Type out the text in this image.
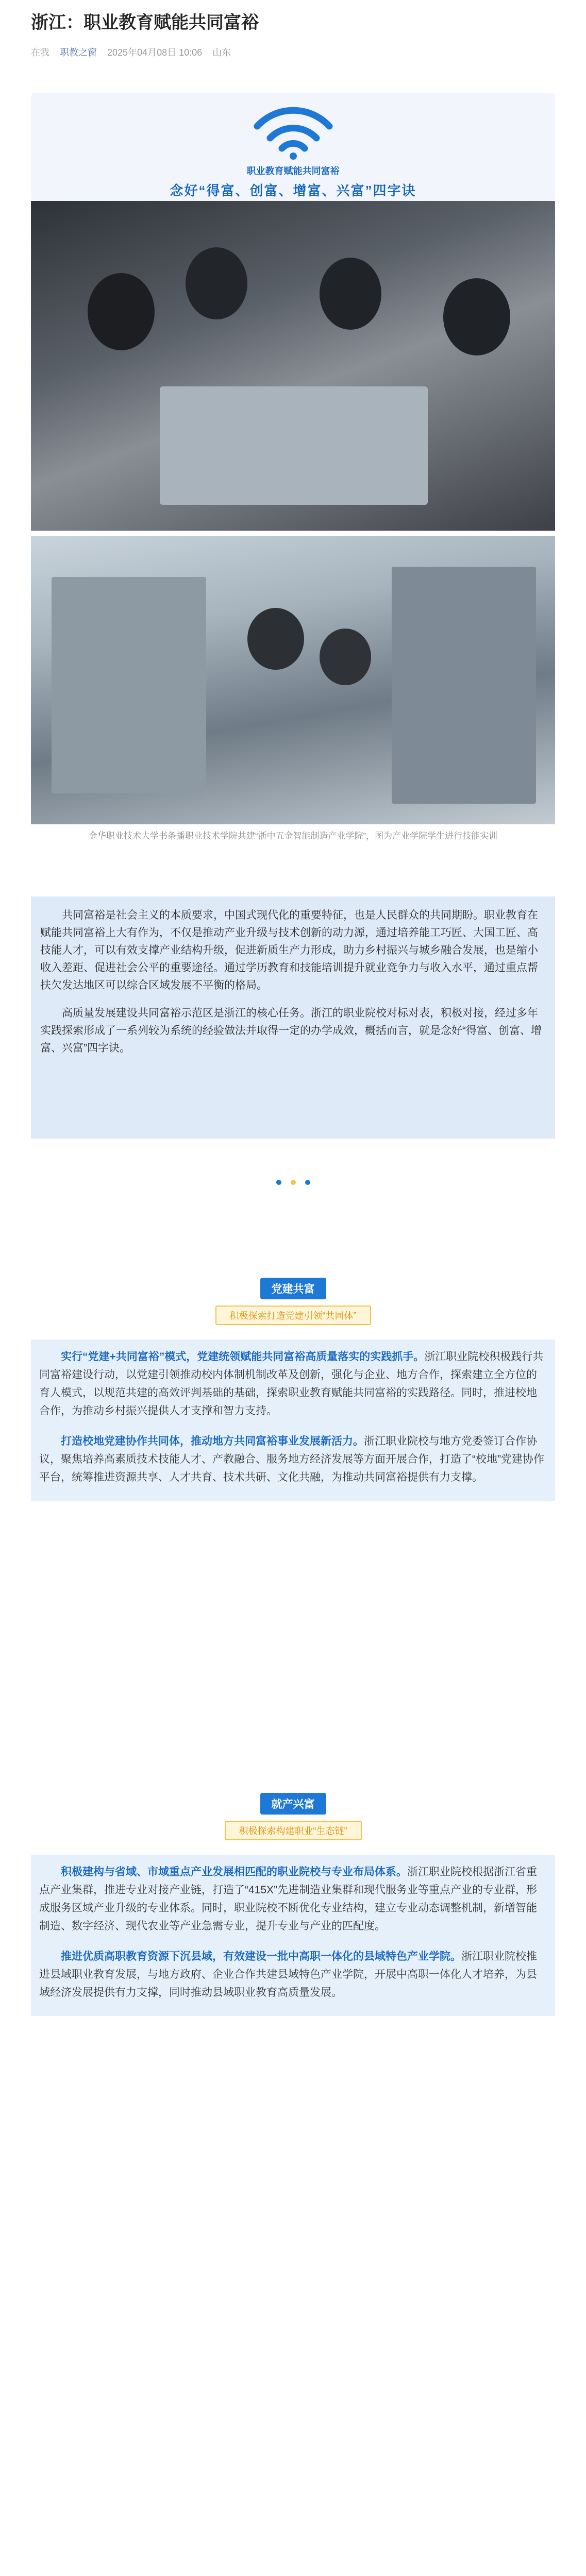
浙江：职业教育赋能共同富裕
在我 职教之窗 2025年04月08日 10:06 山东
职业教育赋能共同富裕
念好“得富、创富、增富、兴富”四字诀
金华职业技术大学书条播职业技术学院共建“浙中五金智能制造产业学院”，图为产业学院学生进行技能实训

共同富裕是社会主义的本质要求，中国式现代化的重要特征，也是人民群众的共同期盼。职业教育在赋能共同富裕上大有作为，不仅是推动产业升级与技术创新的动力源，通过培养能工巧匠、大国工匠、高技能人才，可以有效支撑产业结构升级，促进新质生产力形成，助力乡村振兴与城乡融合发展，也是缩小收入差距、促进社会公平的重要途径。通过学历教育和技能培训提升就业竞争力与收入水平，通过重点帮扶欠发达地区可以综合区域发展不平衡的格局。

高质量发展建设共同富裕示范区是浙江的核心任务。浙江的职业院校对标对表，积极对接，经过多年实践探索形成了一系列较为系统的经验做法并取得一定的办学成效，概括而言，就是念好“得富、创富、增富、兴富”四字诀。

党建共富
积极探索打造党建引领“共同体”

实行“党建+共同富裕”模式，党建统领赋能共同富裕高质量落实的实践抓手。浙江职业院校积极践行共同富裕建设行动，以党建引领推动校内体制机制改革及创新，强化与企业、地方合作，探索建立全方位的育人模式，以规范共建的高效评判基础的基础，探索职业教育赋能共同富裕的实践路径。同时，推进校地合作，为推动乡村振兴提供人才支撑和智力支持。

打造校地党建协作共同体，推动地方共同富裕事业发展新活力。浙江职业院校与地方党委签订合作协议，聚焦培养高素质技术技能人才、产教融合、服务地方经济发展等方面开展合作，打造了“校地”党建协作平台，统筹推进资源共享、人才共育、技术共研、文化共融，为推动共同富裕提供有力支撑。

就产兴富
积极探索构建职业“生态链”

积极建构与省域、市域重点产业发展相匹配的职业院校与专业布局体系。浙江职业院校根据浙江省重点产业集群，推进专业对接产业链，打造了“415X”先进制造业集群和现代服务业等重点产业的专业群，形成服务区域产业升级的专业体系。同时，职业院校不断优化专业结构，建立专业动态调整机制，新增智能制造、数字经济、现代农业等产业急需专业，提升专业与产业的匹配度。

推进优质高职教育资源下沉县域，有效建设一批中高职一体化的县域特色产业学院。浙江职业院校推进县域职业教育发展，与地方政府、企业合作共建县域特色产业学院，开展中高职一体化人才培养，为县域经济发展提供有力支撑，同时推动县域职业教育高质量发展。
